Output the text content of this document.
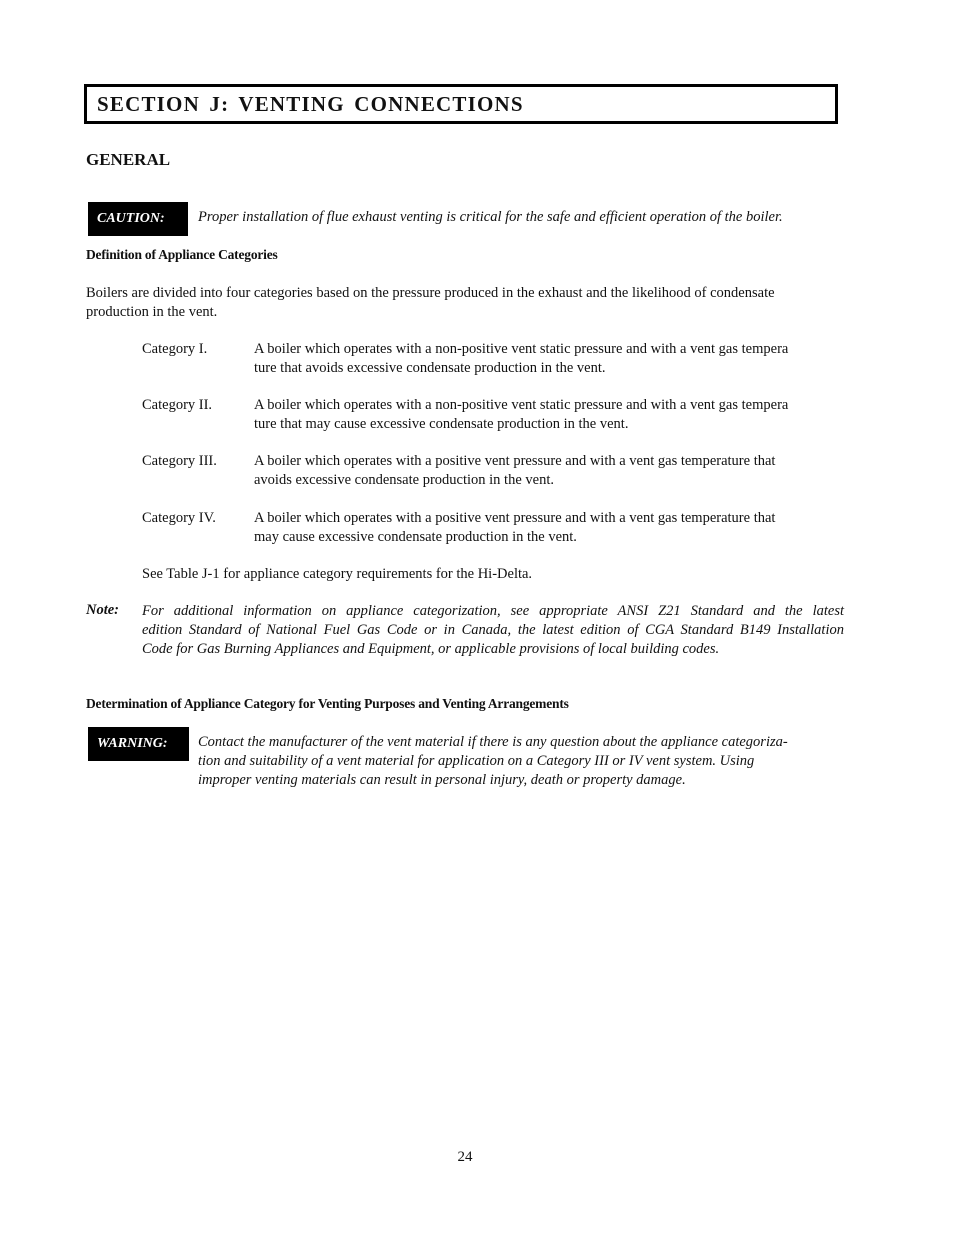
SECTION J: VENTING CONNECTIONS
GENERAL
CAUTION:	Proper installation of flue exhaust venting is critical for the safe and efficient operation of the boiler.
Definition of Appliance Categories
Boilers are divided into four categories based on the pressure produced in the exhaust and the likelihood of condensate
production in the vent.
Category I.	A boiler which operates with a non-positive vent static pressure and with a vent gas tempera
ture that avoids excessive condensate production in the vent.
Category II.	A boiler which operates with a non-positive vent static pressure and with a vent gas tempera
ture that may cause excessive condensate production in the vent.
Category III.	A boiler which operates with a positive vent pressure and with a vent gas temperature that
avoids excessive condensate production in the vent.
Category IV.	A boiler which operates with a positive vent pressure and with a vent gas temperature that
may cause excessive condensate production in the vent.
See Table J-1 for appliance category requirements for the Hi-Delta.
Note: For additional information on appliance categorization, see appropriate ANSI Z21 Standard and the latest
edition Standard of National Fuel Gas Code or in Canada, the latest edition of CGA Standard B149 Installation
Code for Gas Burning Appliances and Equipment, or applicable provisions of local building codes.
Determination of Appliance Category for Venting Purposes and Venting Arrangements
WARNING:	Contact the manufacturer of the vent material if there is any question about the appliance categoriza-
tion and suitability of a vent material for application on a Category III or IV vent system. Using
improper venting materials can result in personal injury, death or property damage.
24
